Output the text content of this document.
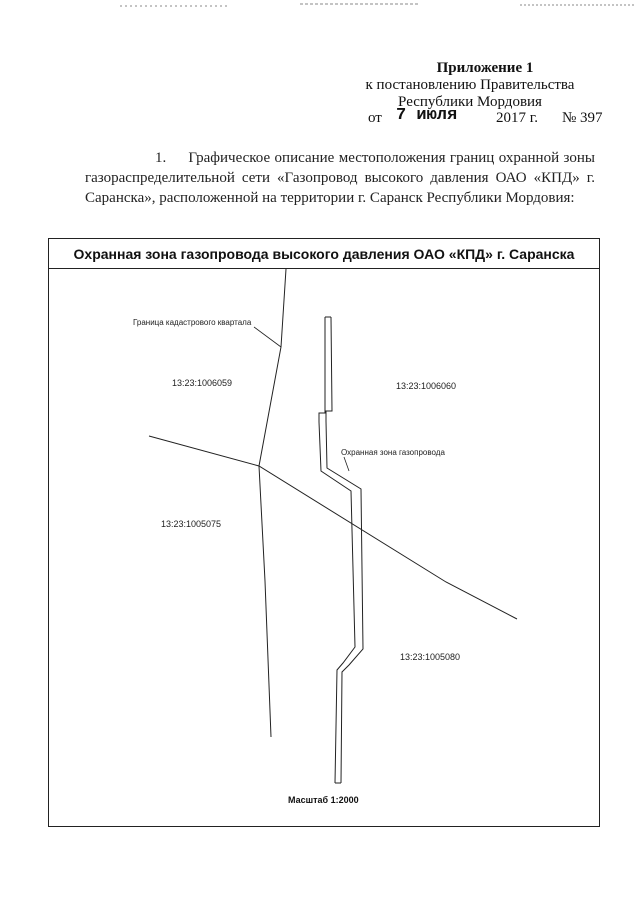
Приложение 1
к постановлению Правительства
Республики Мордовия
от 7 июля	2017 г. № 397
1. Графическое описание местоположения границ охранной зоны газораспределительной сети «Газопровод высокого давления ОАО «КПД» г. Саранска», расположенной на территории г. Саранск Республики Мордовия:
Охранная зона газопровода высокого давления ОАО «КПД» г. Саранска
Граница кадастрового квартала
Охранная зона газопровода
13:23:1006059	13:23:1006060
13:23:1005075
13:23:1005080
Масштаб 1:2000
